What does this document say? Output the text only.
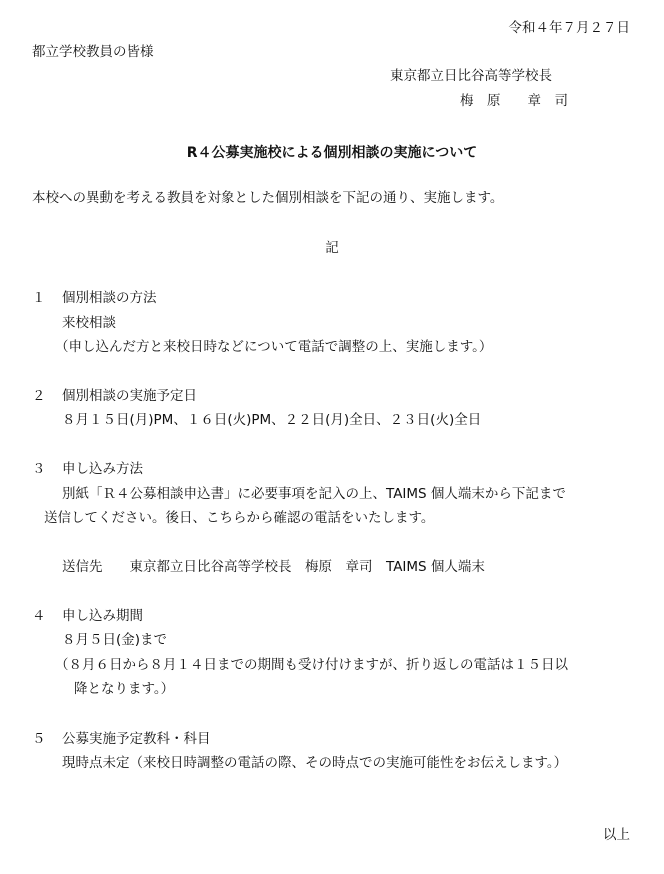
令和４年７月２７日
都立学校教員の皆様
東京都立日比谷高等学校長
梅　原　　章　司
R４公募実施校による個別相談の実施について
本校への異動を考える教員を対象とした個別相談を下記の通り、実施します。
記
１ 個別相談の方法
来校相談
（申し込んだ方と来校日時などについて電話で調整の上、実施します。）
２ 個別相談の実施予定日
８月１５日(月)PM、１６日(火)PM、２２日(月)全日、２３日(火)全日
３ 申し込み方法
別紙「Ｒ４公募相談申込書」に必要事項を記入の上、TAIMS 個人端末から下記まで
送信してください。後日、こちらから確認の電話をいたします。
送信先　　東京都立日比谷高等学校長　梅原　章司　TAIMS 個人端末
４ 申し込み期間
８月５日(金)まで
（８月６日から８月１４日までの期間も受け付けますが、折り返しの電話は１５日以
降となります。）
５ 公募実施予定教科・科目
現時点未定（来校日時調整の電話の際、その時点での実施可能性をお伝えします。）
以上
